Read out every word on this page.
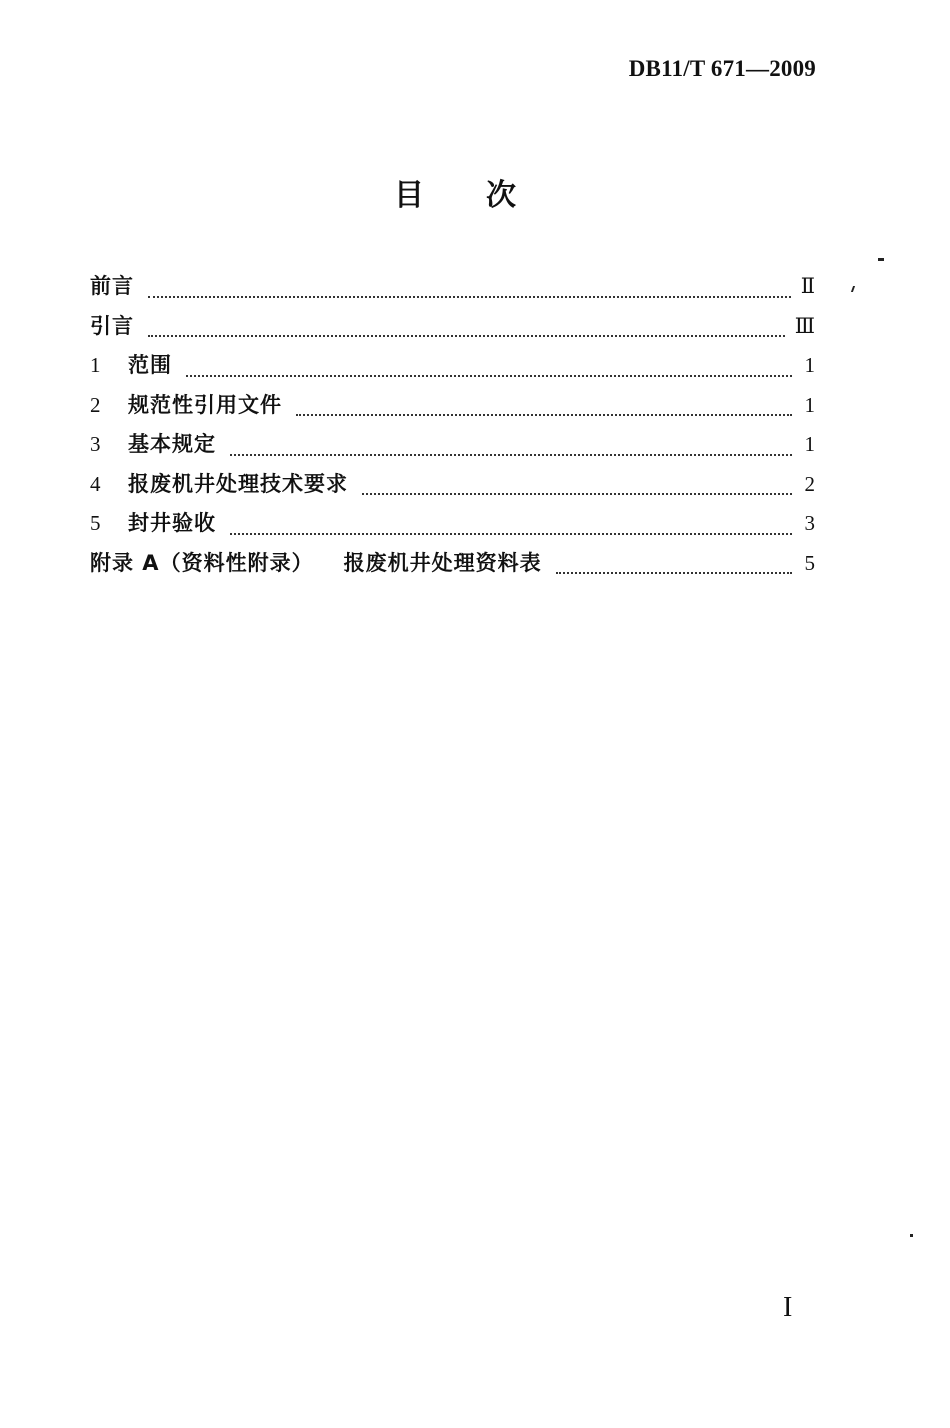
DB11/T 671—2009
目 次
前言	Ⅱ
引言	Ⅲ
1	范围	1
2	规范性引用文件	1
3	基本规定	1
4	报废机井处理技术要求	2
5	封井验收	3
附录 A（资料性附录） 报废机井处理资料表	5
I
